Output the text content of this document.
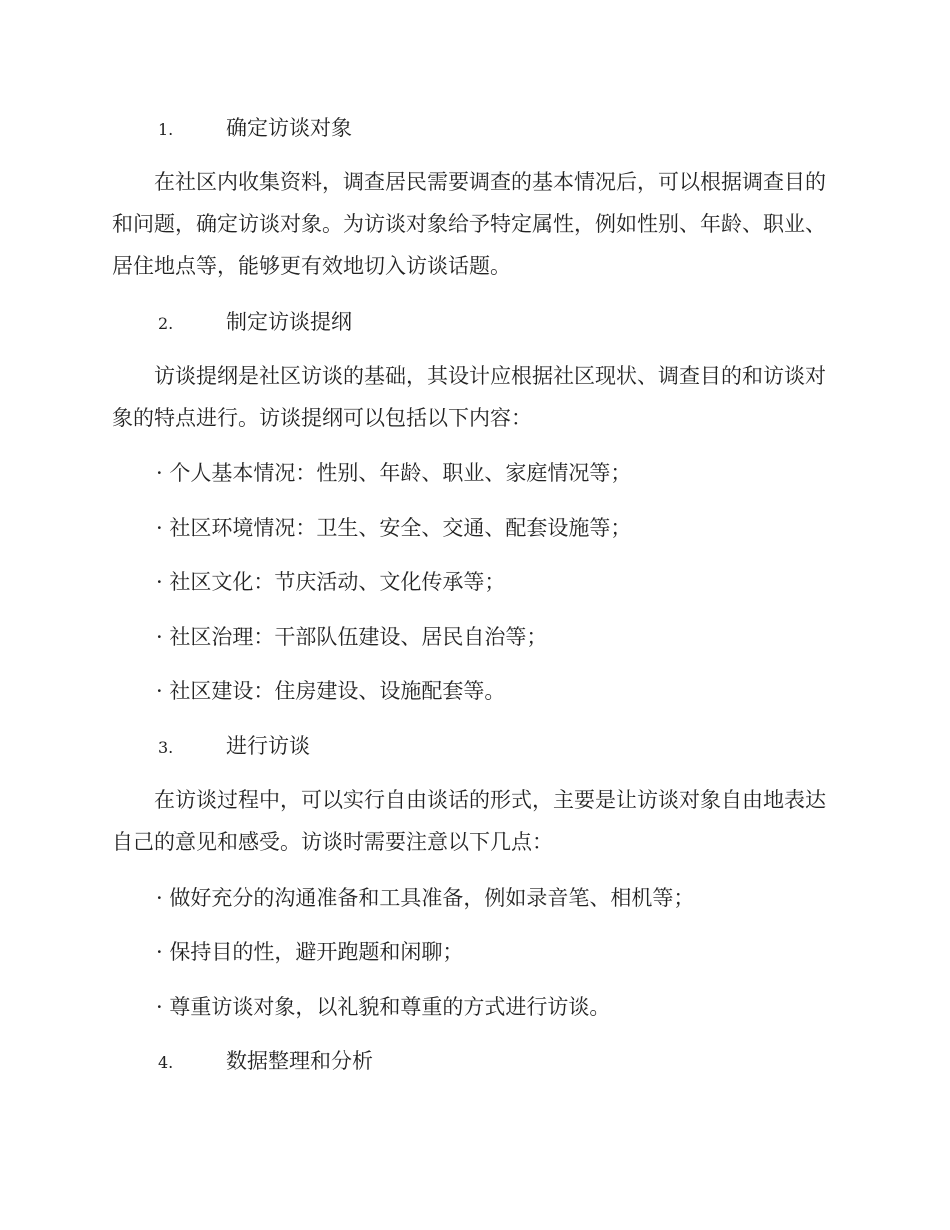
1.	确定访谈对象

在社区内收集资料，调查居民需要调查的基本情况后，可以根据调查目的和问题，确定访谈对象。为访谈对象给予特定属性，例如性别、年龄、职业、居住地点等，能够更有效地切入访谈话题。

2.	制定访谈提纲

访谈提纲是社区访谈的基础，其设计应根据社区现状、调查目的和访谈对象的特点进行。访谈提纲可以包括以下内容：

· 个人基本情况：性别、年龄、职业、家庭情况等；
· 社区环境情况：卫生、安全、交通、配套设施等；
· 社区文化：节庆活动、文化传承等；
· 社区治理：干部队伍建设、居民自治等；
· 社区建设：住房建设、设施配套等。
3.	进行访谈

在访谈过程中，可以实行自由谈话的形式，主要是让访谈对象自由地表达自己的意见和感受。访谈时需要注意以下几点：

· 做好充分的沟通准备和工具准备，例如录音笔、相机等；
· 保持目的性，避开跑题和闲聊；
· 尊重访谈对象，以礼貌和尊重的方式进行访谈。
4.	数据整理和分析
